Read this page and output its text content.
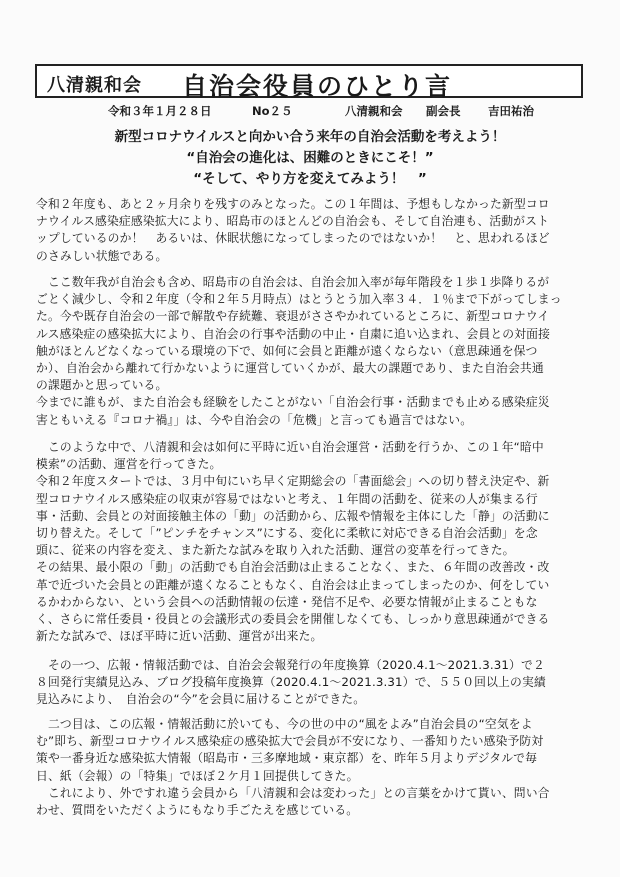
八清親和会 自治会役員のひとり言
令和３年１月２８日	No２５	八清親和会 副会長 吉田祐治
新型コロナウイルスと向かい合う来年の自治会活動を考えよう！
“自治会の進化は、困難のときにこそ！”
“そして、やり方を変えてみよう！　”

令和２年度も、あと２ヶ月余りを残すのみとなった。この１年間は、予想もしなかった新型コロ
ナウイルス感染症感染拡大により、昭島市のほとんどの自治会も、そして自治連も、活動がスト
ップしているのか！　あるいは、休眠状態になってしまったのではないか！　と、思われるほど
のさみしい状態である。

　ここ数年我が自治会も含め、昭島市の自治会は、自治会加入率が毎年階段を１歩１歩降りるが
ごとく減少し、令和２年度（令和２年５月時点）はとうとう加入率３４．１％まで下がってしまっ
た。今や既存自治会の一部で解散や存続難、衰退がささやかれているところに、新型コロナウイ
ルス感染症の感染拡大により、自治会の行事や活動の中止・自粛に追い込まれ、会員との対面接
触がほとんどなくなっている環境の下で、如何に会員と距離が遠くならない（意思疎通を保つ
か）、自治会から離れて行かないように運営していくかが、最大の課題であり、また自治会共通
の課題かと思っている。
今までに誰もが、また自治会も経験をしたことがない「自治会行事・活動までも止める感染症災
害ともいえる『コロナ禍』」は、今や自治会の「危機」と言っても過言ではない。

　このような中で、八清親和会は如何に平時に近い自治会運営・活動を行うか、この１年“暗中
模索”の活動、運営を行ってきた。
令和２年度スタートでは、３月中旬にいち早く定期総会の「書面総会」への切り替え決定や、新
型コロナウイルス感染症の収束が容易ではないと考え、１年間の活動を、従来の人が集まる行
事・活動、会員との対面接触主体の「動」の活動から、広報や情報を主体にした「静」の活動に
切り替えた。そして「”ピンチをチャンス”にする、変化に柔軟に対応できる自治会活動」を念
頭に、従来の内容を変え、また新たな試みを取り入れた活動、運営の変革を行ってきた。
その結果、最小限の「動」の活動でも自治会活動は止まることなく、また、６年間の改善改・改
革で近づいた会員との距離が遠くなることもなく、自治会は止まってしまったのか、何をしてい
るかわからない、という会員への活動情報の伝達・発信不足や、必要な情報が止まることもな
く、さらに常任委員・役員との会議形式の委員会を開催しなくても、しっかり意思疎通ができる
新たな試みで、ほぼ平時に近い活動、運営が出来た。

　その一つ、広報・情報活動では、自治会会報発行の年度換算（2020.4.1～2021.3.31）で２
８回発行実績見込み、ブログ投稿年度換算（2020.4.1～2021.3.31）で、５５０回以上の実績
見込みにより、　自治会の“今”を会員に届けることができた。

　二つ目は、この広報・情報活動に於いても、今の世の中の“風をよみ”自治会員の“空気をよ
む”即ち、新型コロナウイルス感染症の感染拡大で会員が不安になり、一番知りたい感染予防対
策や一番身近な感染拡大情報（昭島市・三多摩地域・東京都）を、昨年５月よりデジタルで毎
日、紙（会報）の「特集」でほぼ２ケ月１回提供してきた。
　これにより、外ですれ違う会員から「八清親和会は変わった」との言葉をかけて貰い、問い合
わせ、質問をいただくようにもなり手ごたえを感じている。
